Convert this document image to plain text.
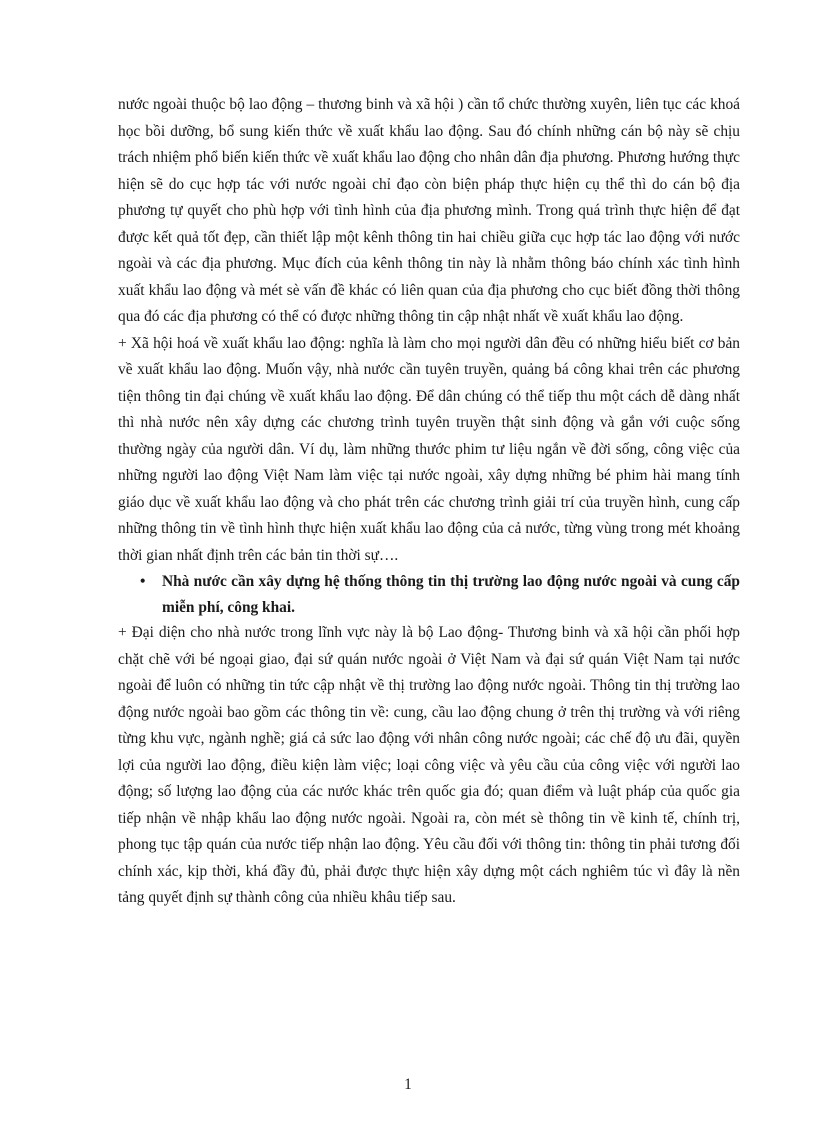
nước ngoài thuộc bộ lao động – thương binh và xã hội ) cần tổ chức thường xuyên, liên tục các khoá học bồi dưỡng, bổ sung kiến thức về xuất khẩu lao động. Sau đó chính những cán bộ này sẽ chịu trách nhiệm phổ biến kiến thức về xuất khẩu lao động cho nhân dân địa phương. Phương hướng thực hiện sẽ do cục hợp tác với nước ngoài chỉ đạo còn biện pháp thực hiện cụ thể thì do cán bộ địa phương tự quyết cho phù hợp với tình hình của địa phương mình. Trong quá trình thực hiện để đạt được kết quả tốt đẹp, cần thiết lập một kênh thông tin hai chiều giữa cục hợp tác lao động với nước ngoài và các địa phương. Mục đích của kênh thông tin này là nhằm thông báo chính xác tình hình xuất khẩu lao động và mét sè vấn đề khác có liên quan của địa phương cho cục biết đồng thời thông qua đó các địa phương có thể có được những thông tin cập nhật nhất về xuất khẩu lao động.

+ Xã hội hoá về xuất khẩu lao động: nghĩa là làm cho mọi người dân đều có những hiểu biết cơ bản về xuất khẩu lao động. Muốn vậy, nhà nước cần tuyên truyền, quảng bá công khai trên các phương tiện thông tin đại chúng về xuất khẩu lao động. Để dân chúng có thể tiếp thu một cách dễ dàng nhất thì nhà nước nên xây dựng các chương trình tuyên truyền thật sinh động và gắn với cuộc sống thường ngày của người dân. Ví dụ, làm những thước phim tư liệu ngắn về đời sống, công việc của những người lao động Việt Nam làm việc tại nước ngoài, xây dựng những bé phim hài mang tính giáo dục về xuất khẩu lao động và cho phát trên các chương trình giải trí của truyền hình, cung cấp những thông tin về tình hình thực hiện xuất khẩu lao động của cả nước, từng vùng trong mét khoảng thời gian nhất định trên các bản tin thời sự….

• Nhà nước cần xây dựng hệ thống thông tin thị trường lao động nước ngoài và cung cấp miễn phí, công khai.

+ Đại diện cho nhà nước trong lĩnh vực này là bộ Lao động- Thương binh và xã hội cần phối hợp chặt chẽ với bé ngoại giao, đại sứ quán nước ngoài ở Việt Nam và đại sứ quán Việt Nam tại nước ngoài để luôn có những tin tức cập nhật về thị trường lao động nước ngoài. Thông tin thị trường lao động nước ngoài bao gồm các thông tin về: cung, cầu lao động chung ở trên thị trường và với riêng từng khu vực, ngành nghề; giá cả sức lao động với nhân công nước ngoài; các chế độ ưu đãi, quyền lợi của người lao động, điều kiện làm việc; loại công việc và yêu cầu của công việc với người lao động; số lượng lao động của các nước khác trên quốc gia đó; quan điểm và luật pháp của quốc gia tiếp nhận về nhập khẩu lao động nước ngoài. Ngoài ra, còn mét sè thông tin về kinh tế, chính trị, phong tục tập quán của nước tiếp nhận lao động. Yêu cầu đối với thông tin: thông tin phải tương đối chính xác, kịp thời, khá đầy đủ, phải được thực hiện xây dựng một cách nghiêm túc vì đây là nền tảng quyết định sự thành công của nhiều khâu tiếp sau.

1
